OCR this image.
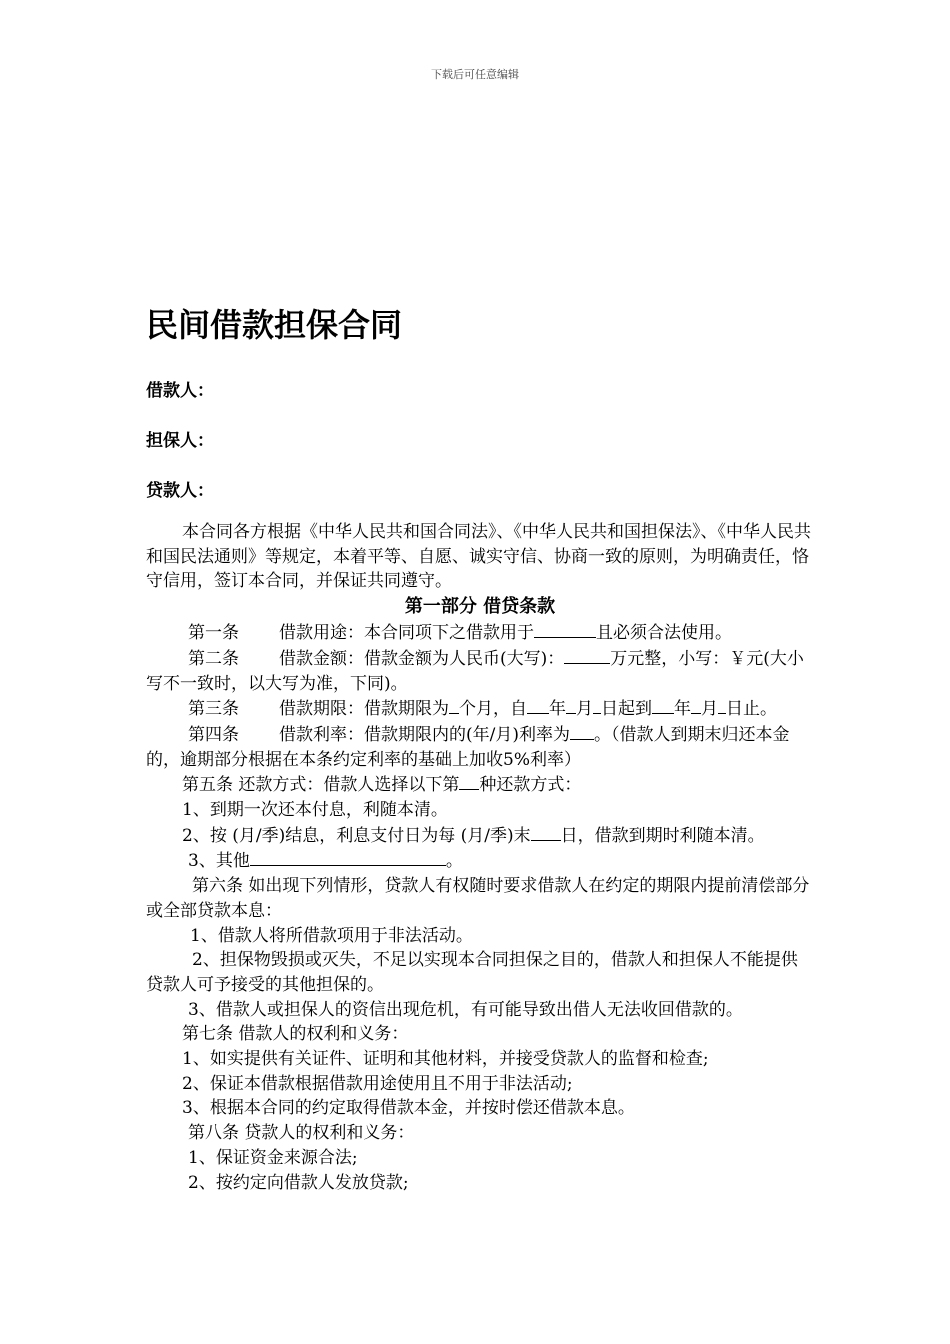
下载后可任意编辑
民间借款担保合同
借款人：
担保人：
贷款人：

本合同各方根据《中华人民共和国合同法》、《中华人民共和国担保法》、《中华人民共和国民法通则》等规定，本着平等、自愿、诚实守信、协商一致的原则，为明确责任，恪守信用，签订本合同，并保证共同遵守。

第一部分 借贷条款

第一条 借款用途：本合同项下之借款用于	且必须合法使用。

第二条 借款金额：借款金额为人民币(大写)：	万元整，小写：￥元(大小写不一致时，以大写为准，下同)。

第三条 借款期限：借款期限为 个月，自 年 月 日起到 年 月 日止。

第四条 借款利率：借款期限内的(年/月)利率为 。（借款人到期末归还本金的，逾期部分根据在本条约定利率的基础上加收5%利率）

第五条 还款方式：借款人选择以下第 种还款方式：

1、到期一次还本付息，利随本清。

2、按 (月/季)结息，利息支付日为每 (月/季)末 日，借款到期时利随本清。

3、其他	。

第六条 如出现下列情形，贷款人有权随时要求借款人在约定的期限内提前清偿部分或全部贷款本息：

1、借款人将所借款项用于非法活动。

2、担保物毁损或灭失，不足以实现本合同担保之目的，借款人和担保人不能提供贷款人可予接受的其他担保的。

3、借款人或担保人的资信出现危机，有可能导致出借人无法收回借款的。

第七条 借款人的权利和义务：

1、如实提供有关证件、证明和其他材料，并接受贷款人的监督和检查;

2、保证本借款根据借款用途使用且不用于非法活动;

3、根据本合同的约定取得借款本金，并按时偿还借款本息。

第八条 贷款人的权利和义务：

1、保证资金来源合法;

2、按约定向借款人发放贷款;
